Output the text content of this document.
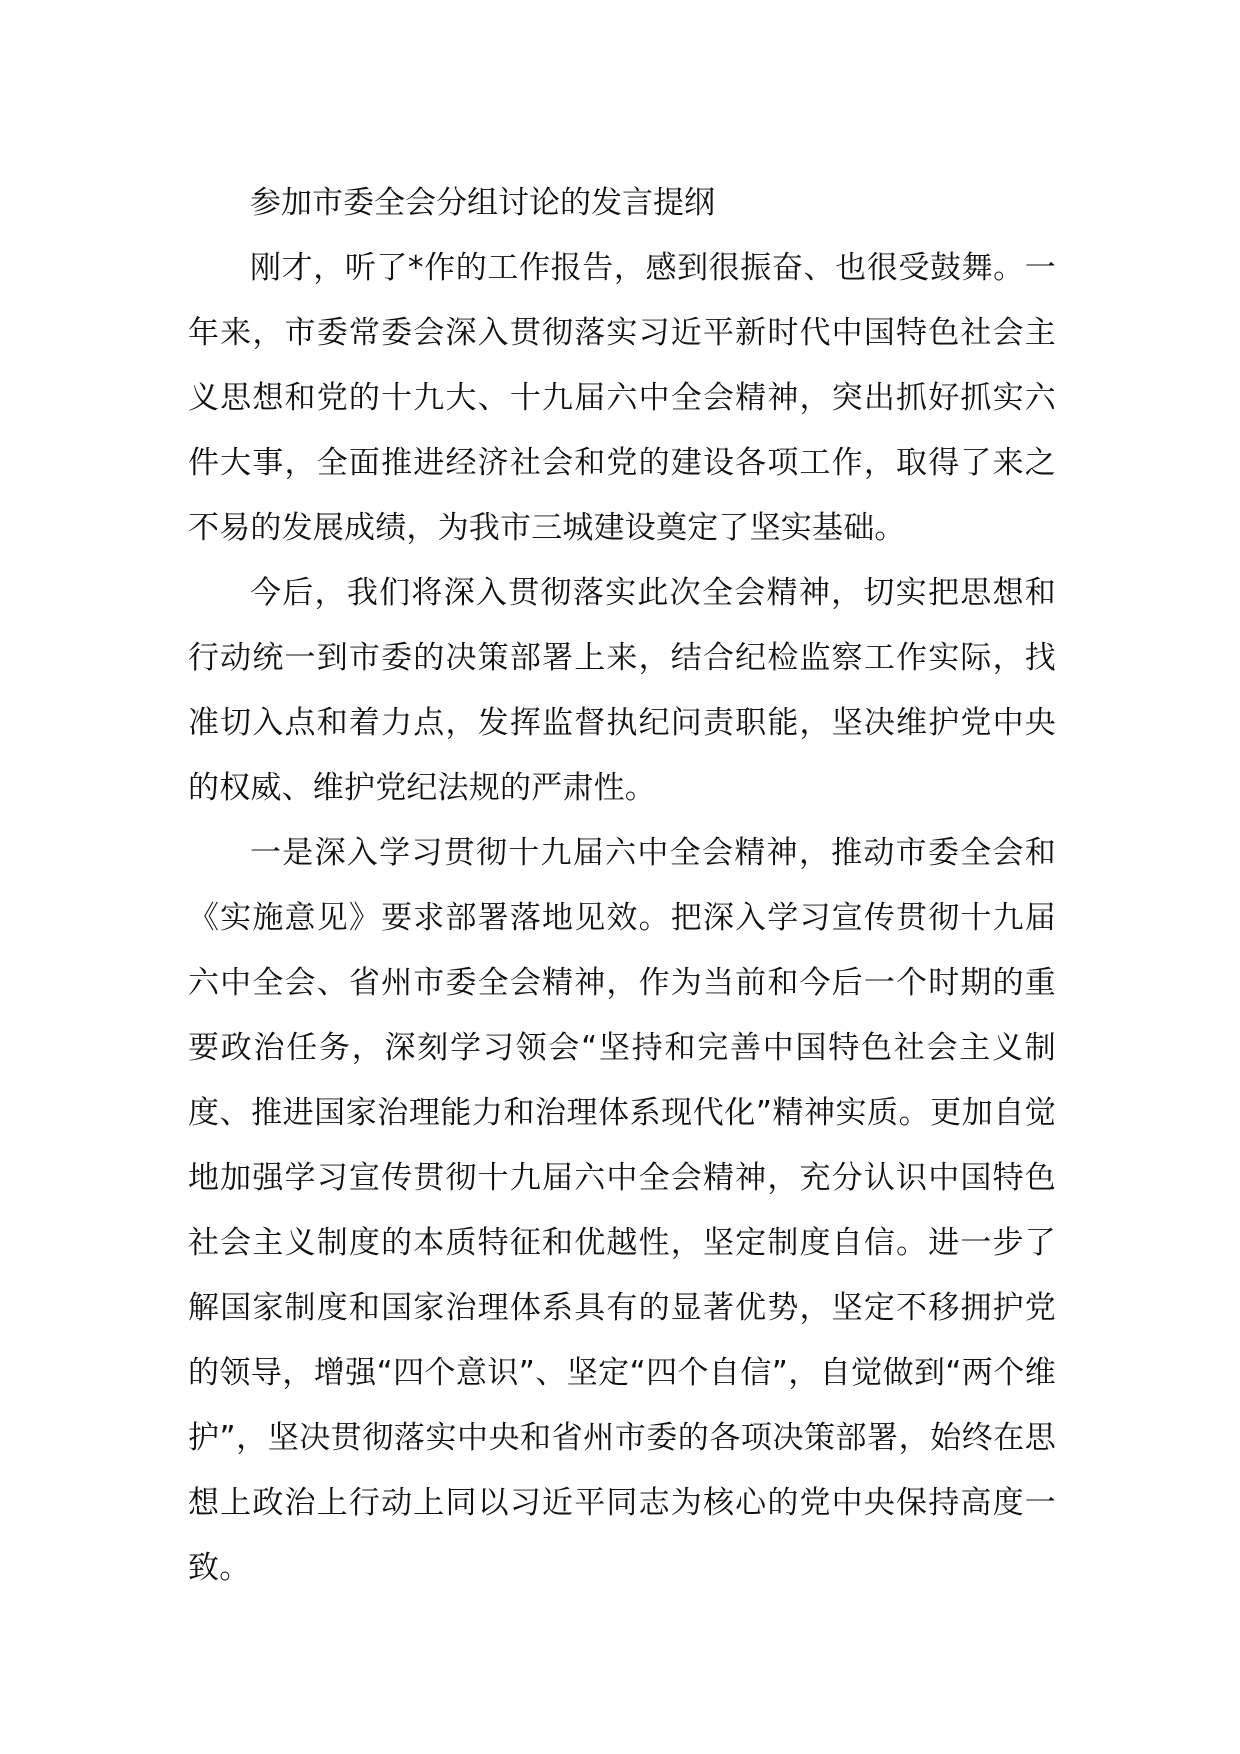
参加市委全会分组讨论的发言提纲

刚才，听了*作的工作报告，感到很振奋、也很受鼓舞。一年来，市委常委会深入贯彻落实习近平新时代中国特色社会主义思想和党的十九大、十九届六中全会精神，突出抓好抓实六件大事，全面推进经济社会和党的建设各项工作，取得了来之不易的发展成绩，为我市三城建设奠定了坚实基础。

今后，我们将深入贯彻落实此次全会精神，切实把思想和行动统一到市委的决策部署上来，结合纪检监察工作实际，找准切入点和着力点，发挥监督执纪问责职能，坚决维护党中央的权威、维护党纪法规的严肃性。

一是深入学习贯彻十九届六中全会精神，推动市委全会和《实施意见》要求部署落地见效。把深入学习宣传贯彻十九届六中全会、省州市委全会精神，作为当前和今后一个时期的重要政治任务，深刻学习领会“坚持和完善中国特色社会主义制度、推进国家治理能力和治理体系现代化”精神实质。更加自觉地加强学习宣传贯彻十九届六中全会精神，充分认识中国特色社会主义制度的本质特征和优越性，坚定制度自信。进一步了解国家制度和国家治理体系具有的显著优势，坚定不移拥护党的领导，增强“四个意识”、坚定“四个自信”，自觉做到“两个维护”，坚决贯彻落实中央和省州市委的各项决策部署，始终在思想上政治上行动上同以习近平同志为核心的党中央保持高度一致。
